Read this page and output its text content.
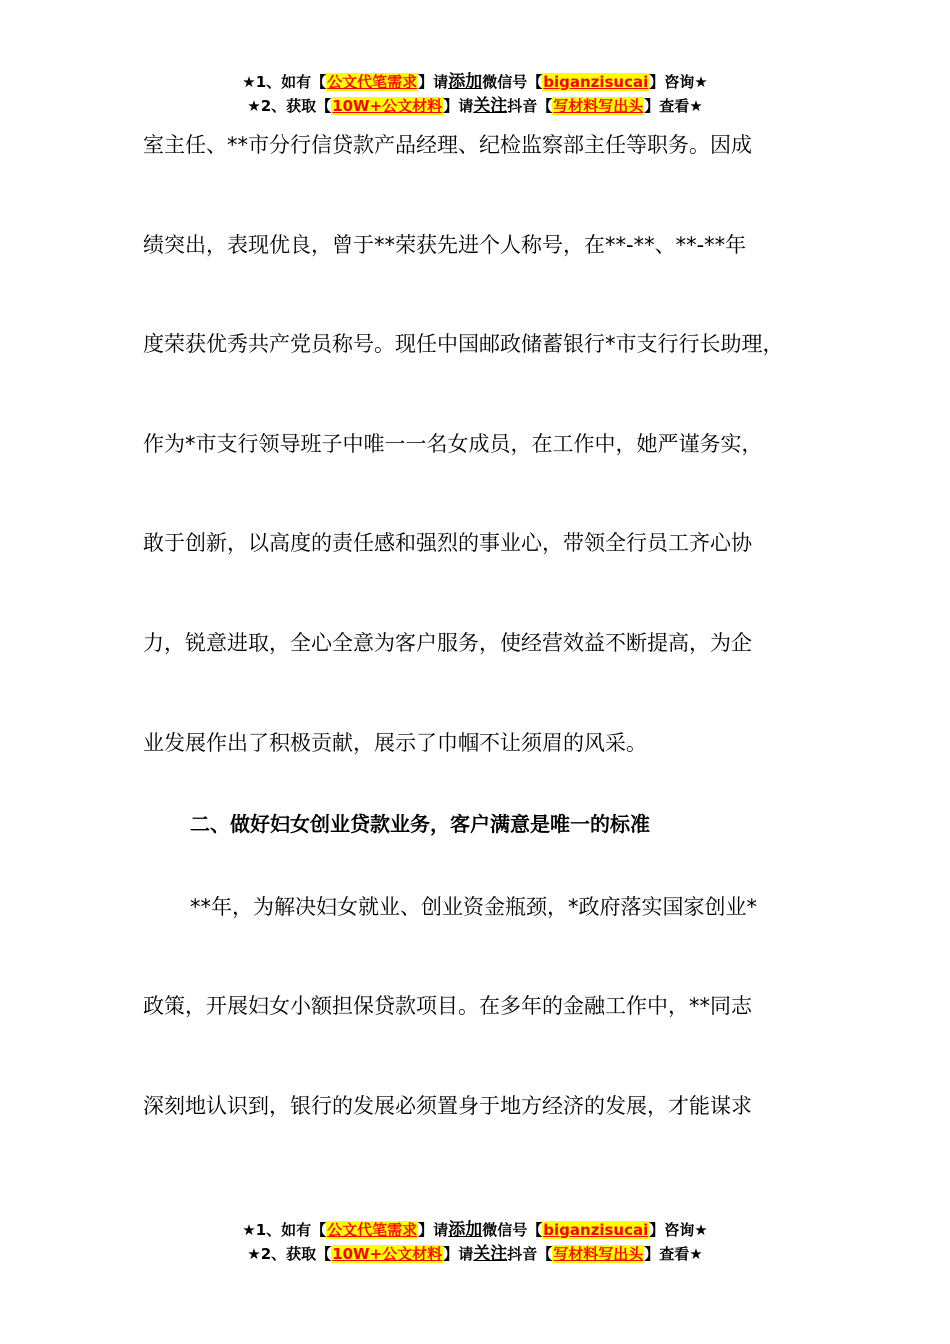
★1、如有【公文代笔需求】请添加微信号【biganzisucai】咨询★
★2、获取【10W+公文材料】请关注抖音【写材料写出头】查看★
室主任、**市分行信贷款产品经理、纪检监察部主任等职务。因成
绩突出，表现优良，曾于**荣获先进个人称号，在**-**、**-**年
度荣获优秀共产党员称号。现任中国邮政储蓄银行*市支行行长助理，
作为*市支行领导班子中唯一一名女成员，在工作中，她严谨务实，
敢于创新，以高度的责任感和强烈的事业心，带领全行员工齐心协
力，锐意进取，全心全意为客户服务，使经营效益不断提高，为企
业发展作出了积极贡献，展示了巾帼不让须眉的风采。
二、做好妇女创业贷款业务，客户满意是唯一的标准
**年，为解决妇女就业、创业资金瓶颈，*政府落实国家创业*
政策，开展妇女小额担保贷款项目。在多年的金融工作中，**同志
深刻地认识到，银行的发展必须置身于地方经济的发展，才能谋求
★1、如有【公文代笔需求】请添加微信号【biganzisucai】咨询★
★2、获取【10W+公文材料】请关注抖音【写材料写出头】查看★
